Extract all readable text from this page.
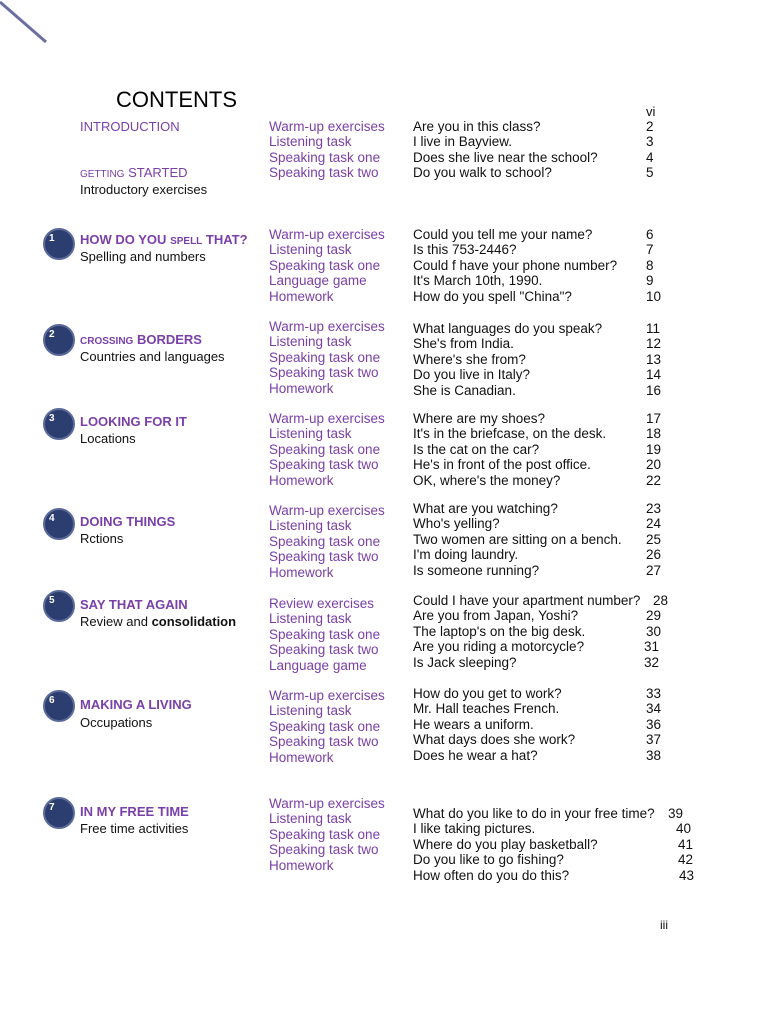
CONTENTS	vi
INTRODUCTION
GETTING STARTED
Introductory exercises
Warm-up exercises
Listening task
Speaking task one
Speaking task two
Are you in this class?
I live in Bayview.
Does she live near the school?
Do you walk to school?
2
3
4
5
1 HOW DO YOU SPELL THAT?
Spelling and numbers
Warm-up exercises
Listening task
Speaking task one
Language game
Homework
Could you tell me your name?
Is this 753-2446?
Could f have your phone number?
It's March 10th, 1990.
How do you spell "China"?
6
7
8
9
10
2
CROSSING BORDERS
Countries and languages
Warm-up exercises
Listening task
Speaking task one
Speaking task two
Homework
What languages do you speak?
She's from India.
Where's she from?
Do you live in Italy?
She is Canadian.
11
12
13
14
16
3 LOOKING FOR IT
Locations
Warm-up exercises
Listening task
Speaking task one
Speaking task two
Homework
Where are my shoes?
It's in the briefcase, on the desk.
Is the cat on the car?
He's in front of the post office.
OK, where's the money?
17
18
19
20
22
4 DOING THINGS
Rctions
Warm-up exercises
Listening task
Speaking task one
Speaking task two
Homework
What are you watching?
Who's yelling?
Two women are sitting on a bench.
I'm doing laundry.
Is someone running?
23
24
25
26
27
5 SAY THAT AGAIN
Review and consolidation
Review exercises
Listening task
Speaking task one
Speaking task two
Language game
Could I have your apartment number?
Are you from Japan, Yoshi?
The laptop's on the big desk.
Are you riding a motorcycle?
Is Jack sleeping?
28
29
30
31
32
6 MAKING A LIVING
Occupations
Warm-up exercises
Listening task
Speaking task one
Speaking task two
Homework
How do you get to work?
Mr. Hall teaches French.
He wears a uniform.
What days does she work?
Does he wear a hat?
33
34
36
37
38
7 IN MY FREE TIME
Free time activities
Warm-up exercises
Listening task
Speaking task one
Speaking task two
Homework
What do you like to do in your free time?
I like taking pictures.
Where do you play basketball?
Do you like to go fishing?
How often do you do this?
39
40
41
42
43
iii
